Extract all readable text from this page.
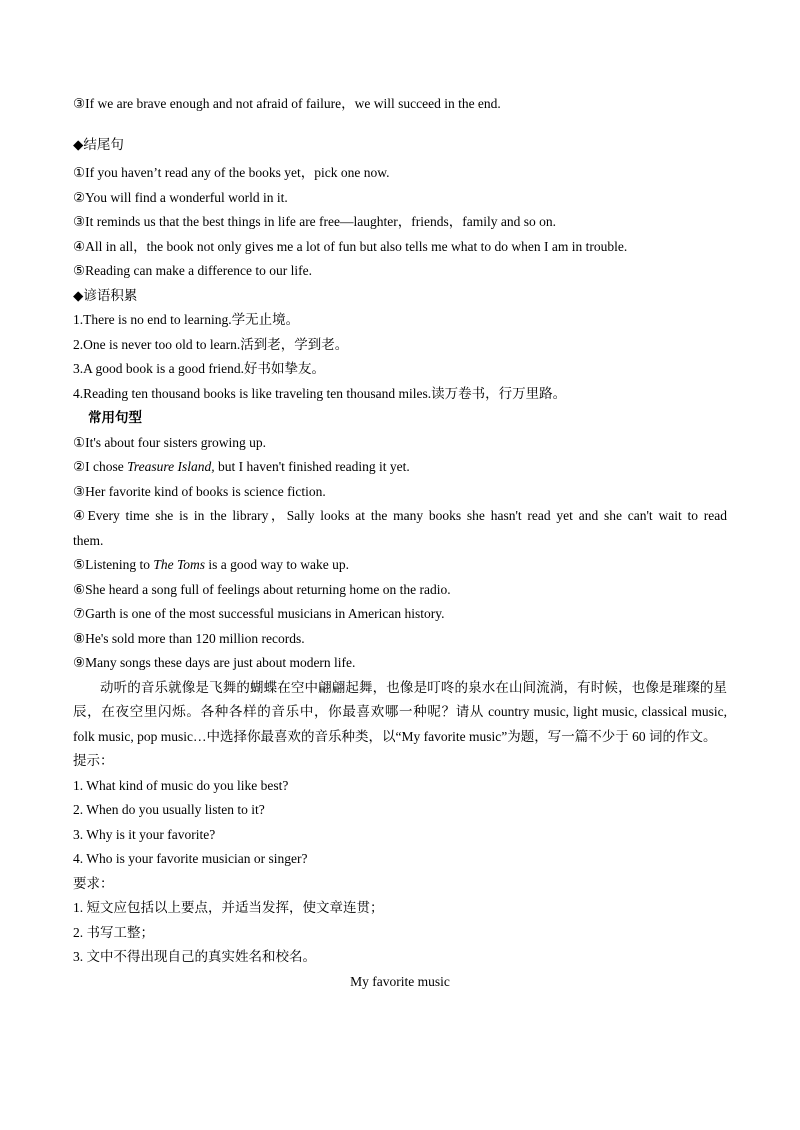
③If we are brave enough and not afraid of failure，we will succeed in the end.
◆结尾句
①If you haven’t read any of the books yet，pick one now.
②You will find a wonderful world in it.
③It reminds us that the best things in life are free—laughter，friends，family and so on.
④All in all，the book not only gives me a lot of fun but also tells me what to do when I am in trouble.
⑤Reading can make a difference to our life.
◆谚语积累
1.There is no end to learning.学无止境。
2.One is never too old to learn.活到老，学到老。
3.A good book is a good friend.好书如挚友。
4.Reading ten thousand books is like traveling ten thousand miles.读万卷书，行万里路。
常用句型
①It's about four sisters growing up.
②I chose Treasure Island, but I haven't finished reading it yet.
③Her favorite kind of books is science fiction.
④Every time she is in the library，Sally looks at the many books she hasn't read yet and she can't wait to read
them.
⑤Listening to The Toms is a good way to wake up.
⑥She heard a song full of feelings about returning home on the radio.
⑦Garth is one of the most successful musicians in American history.
⑧He's sold more than 120 million records.
⑨Many songs these days are just about modern life.
动听的音乐就像是飞舞的蝴蝶在空中翩翩起舞，也像是叮咚的泉水在山间流淌，有时候，也像是璀璨的星辰，在夜空里闪烁。各种各样的音乐中，你最喜欢哪一种呢？请从 country music, light music, classical music, folk music, pop music…中选择你最喜欢的音乐种类，以“My favorite music”为题，写一篇不少于 60 词的作文。
提示：
1. What kind of music do you like best?
2. When do you usually listen to it?
3. Why is it your favorite?
4. Who is your favorite musician or singer?
要求：
1. 短文应包括以上要点，并适当发挥，使文章连贯；
2. 书写工整；
3. 文中不得出现自己的真实姓名和校名。
My favorite music
